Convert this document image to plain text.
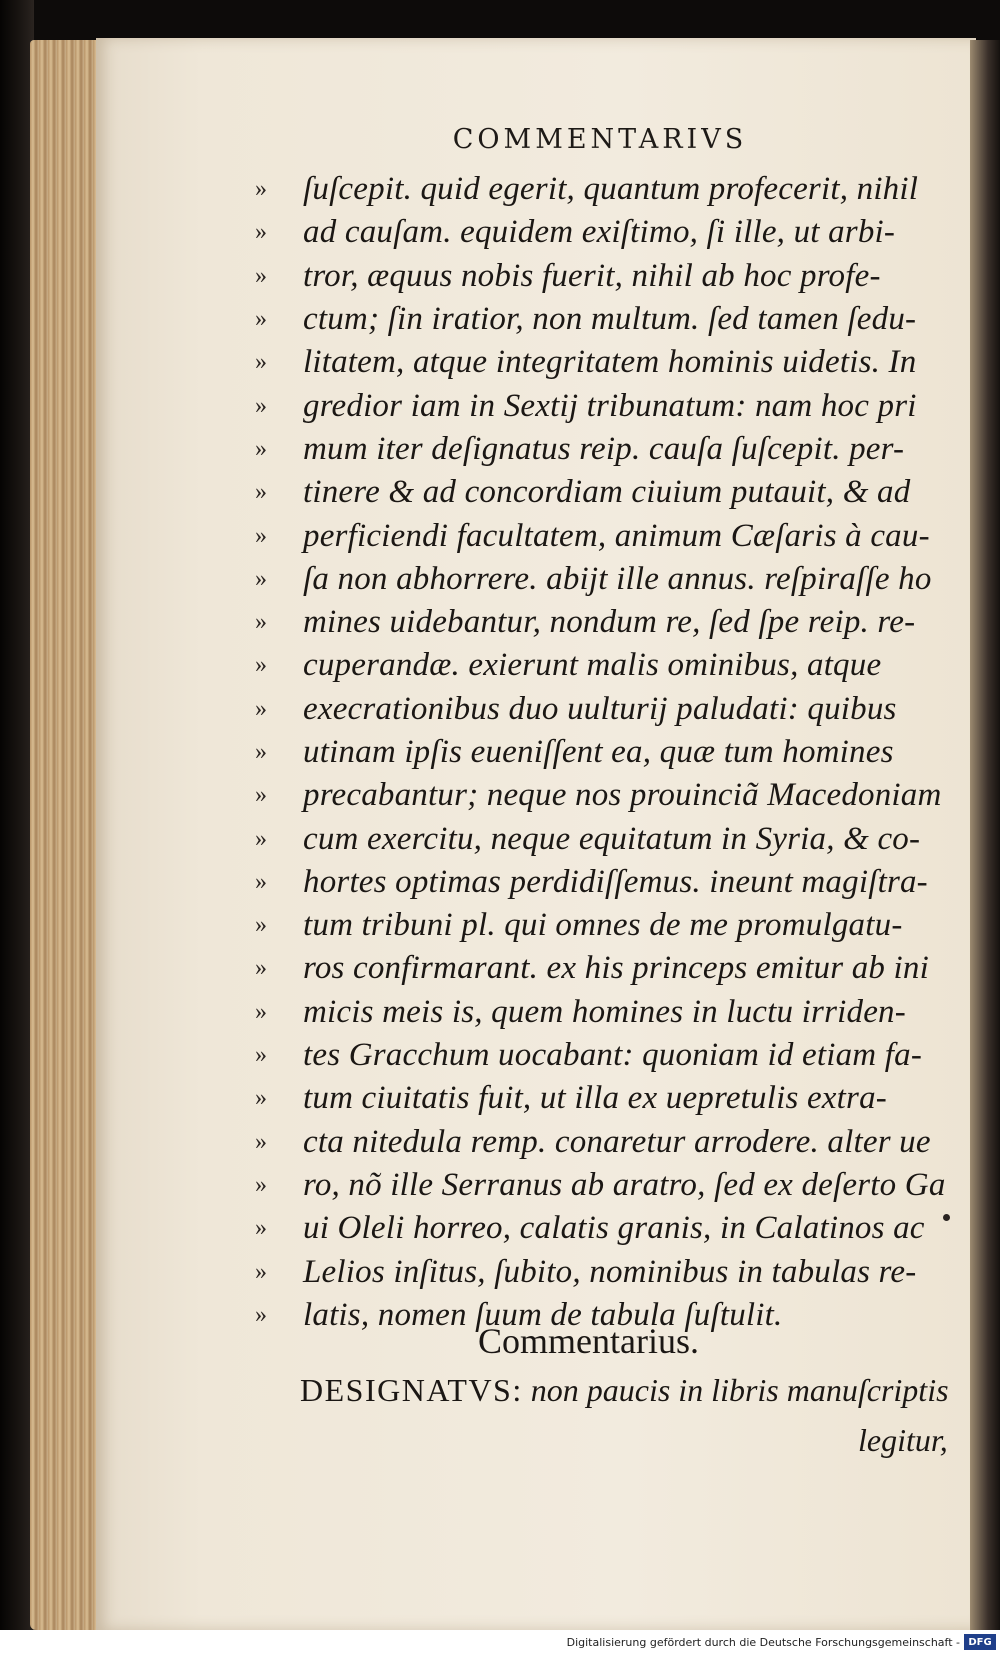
COMMENTARIVS
»	ſuſcepit. quid egerit, quantum profecerit, nihil
»	ad cauſam. equidem exiſtimo, ſi ille, ut arbi-
»	tror, æquus nobis fuerit, nihil ab hoc profe-
»	ctum; ſin iratior, non multum. ſed tamen ſedu-
»	litatem, atque integritatem hominis uidetis. In
»	gredior iam in Sextij tribunatum: nam hoc pri
»	mum iter deſignatus reip. cauſa ſuſcepit. per-
»	tinere & ad concordiam ciuium putauit, & ad
»	perficiendi facultatem, animum Cæſaris à cau-
»	ſa non abhorrere. abijt ille annus. reſpiraſſe ho
»	mines uidebantur, nondum re, ſed ſpe reip. re-
»	cuperandæ. exierunt malis ominibus, atque
»	execrationibus duo uulturij paludati: quibus
»	utinam ipſis eueniſſent ea, quæ tum homines
»	precabantur; neque nos prouinciã Macedoniam
»	cum exercitu, neque equitatum in Syria, & co-
»	hortes optimas perdidiſſemus. ineunt magiſtra-
»	tum tribuni pl. qui omnes de me promulgatu-
»	ros confirmarant. ex his princeps emitur ab ini
»	micis meis is, quem homines in luctu irriden-
»	tes Gracchum uocabant: quoniam id etiam fa-
»	tum ciuitatis fuit, ut illa ex uepretulis extra-
»	cta nitedula remp. conaretur arrodere. alter ue
»	ro, nõ ille Serranus ab aratro, ſed ex deſerto Ga
»	ui Oleli horreo, calatis granis, in Calatinos ac
»	Lelios inſitus, ſubito, nominibus in tabulas re-
»	latis, nomen ſuum de tabula ſuſtulit.
Commentarius.
DESIGNATVS: non paucis in libris manuſcriptis
legitur,
Digitalisierung gefördert durch die Deutsche Forschungsgemeinschaft - DFG
